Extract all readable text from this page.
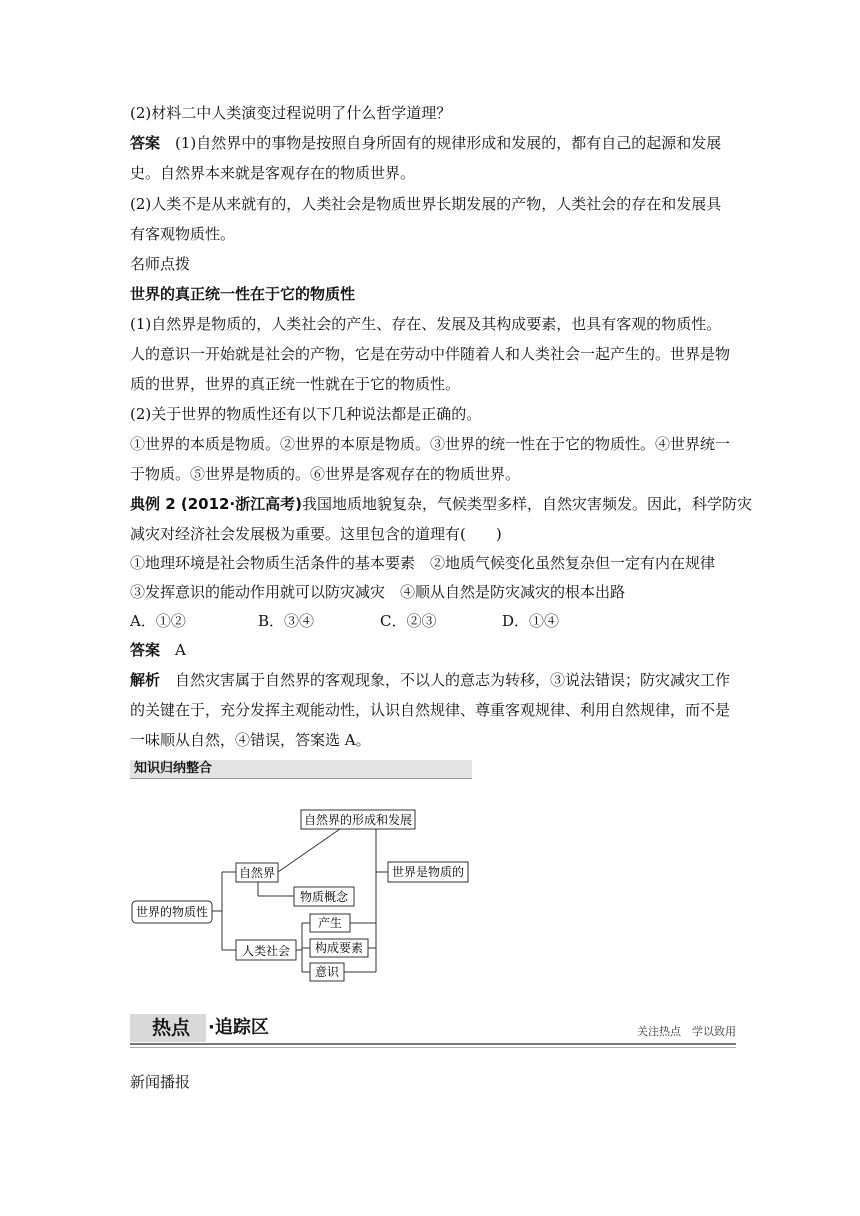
(2)材料二中人类演变过程说明了什么哲学道理？
答案　 (1)自然界中的事物是按照自身所固有的规律形成和发展的，都有自己的起源和发展
史。自然界本来就是客观存在的物质世界。
(2)人类不是从来就有的，人类社会是物质世界长期发展的产物，人类社会的存在和发展具
有客观物质性。
名师点拨
世界的真正统一性在于它的物质性
(1)自然界是物质的，人类社会的产生、存在、发展及其构成要素，也具有客观的物质性。
人的意识一开始就是社会的产物，它是在劳动中伴随着人和人类社会一起产生的。世界是物
质的世界，世界的真正统一性就在于它的物质性。
(2)关于世界的物质性还有以下几种说法都是正确的。
①世界的本质是物质。②世界的本原是物质。③世界的统一性在于它的物质性。④世界统一
于物质。⑤世界是物质的。⑥世界是客观存在的物质世界。
典例 2 (2012·浙江高考)我国地质地貌复杂，气候类型多样，自然灾害频发。因此，科学防灾
减灾对经济社会发展极为重要。这里包含的道理有(　　)
①地理环境是社会物质生活条件的基本要素　②地质气候变化虽然复杂但一定有内在规律
③发挥意识的能动作用就可以防灾减灾　④顺从自然是防灾减灾的根本出路
A．①②	B．③④	C．②③	D．①④
答案　 A
解析　 自然灾害属于自然界的客观现象，不以人的意志为转移，③说法错误；防灾减灾工作
的关键在于，充分发挥主观能动性，认识自然规律、尊重客观规律、利用自然规律，而不是
一味顺从自然，④错误，答案选 A。
知识归纳整合
世界的物质性
自然界
人类社会
自然界的形成和发展
物质概念
产生
构成要素
意识
世界是物质的
热点 ·追踪区	关注热点　学以致用
新闻播报
